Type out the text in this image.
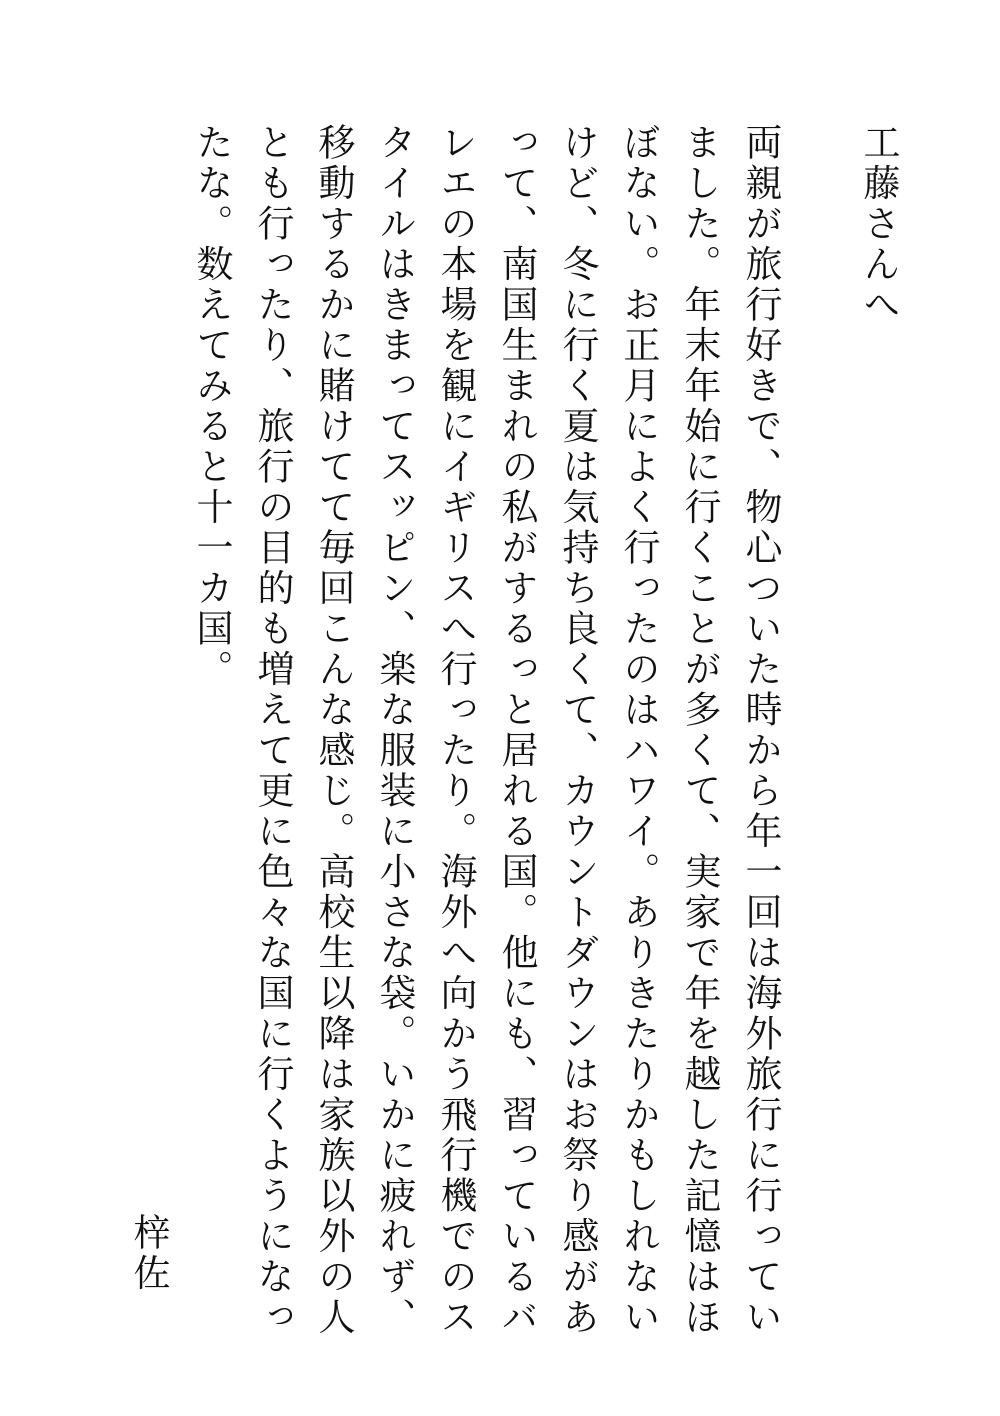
工藤さんへ
両親が旅行好きで、物心ついた時から年一回は海外旅行に行ってい
ました。年末年始に行くことが多くて、実家で年を越した記憶はほ
ぼない。お正月によく行ったのはハワイ。ありきたりかもしれない
けど、冬に行く夏は気持ち良くて、カウントダウンはお祭り感があ
って、南国生まれの私がするっと居れる国。他にも、習っているバ
レエの本場を観にイギリスへ行ったり。海外へ向かう飛行機でのス
タイルはきまってスッピン、楽な服装に小さな袋。いかに疲れず、
移動するかに賭けてて毎回こんな感じ。高校生以降は家族以外の人
とも行ったり、旅行の目的も増えて更に色々な国に行くようになっ
たな。数えてみると十一カ国。
梓佐
